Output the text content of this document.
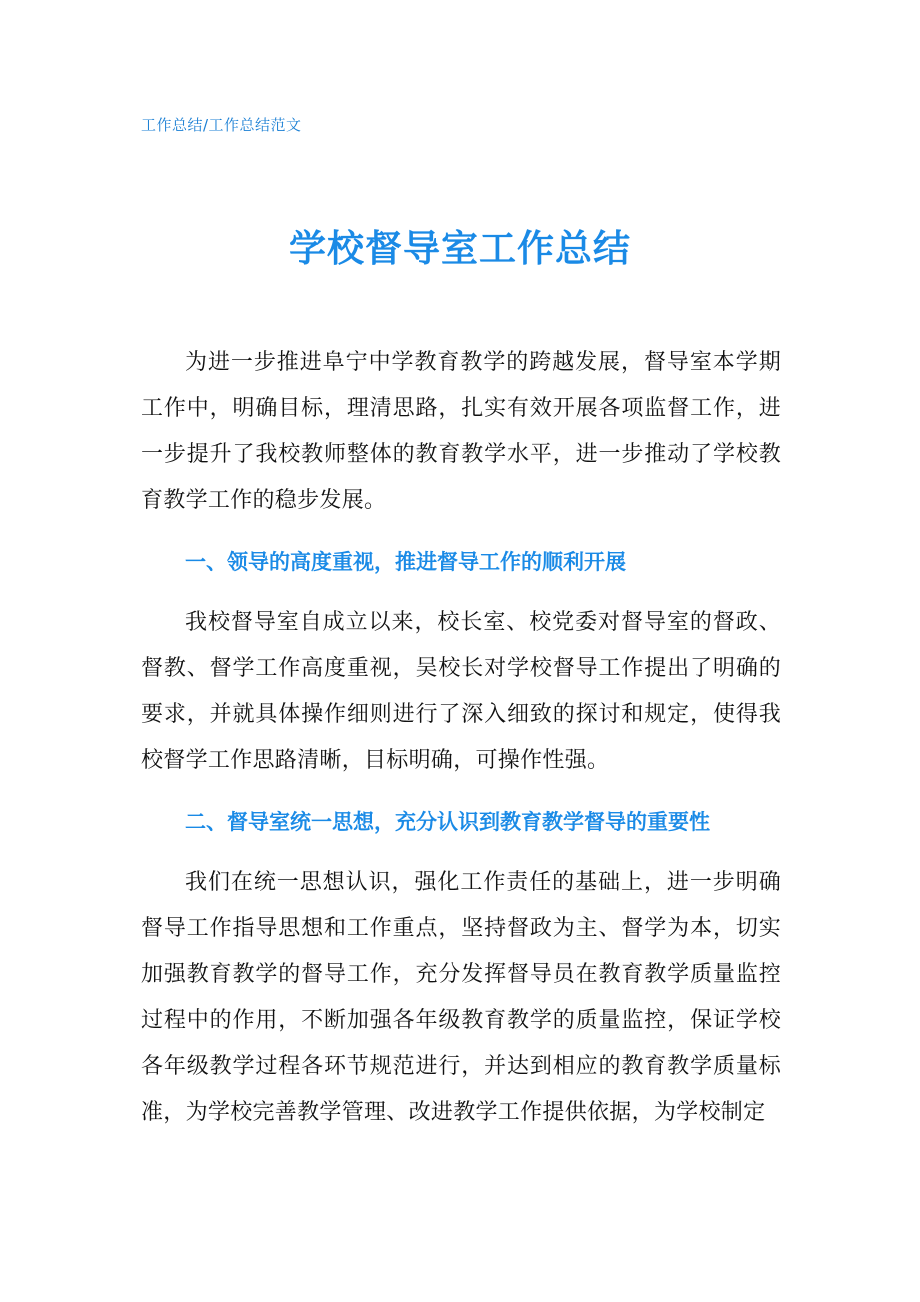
工作总结/工作总结范文
学校督导室工作总结

为进一步推进阜宁中学教育教学的跨越发展，督导室本学期工作中，明确目标，理清思路，扎实有效开展各项监督工作，进一步提升了我校教师整体的教育教学水平，进一步推动了学校教育教学工作的稳步发展。

一、领导的高度重视，推进督导工作的顺利开展

我校督导室自成立以来，校长室、校党委对督导室的督政、督教、督学工作高度重视，吴校长对学校督导工作提出了明确的要求，并就具体操作细则进行了深入细致的探讨和规定，使得我校督学工作思路清晰，目标明确，可操作性强。

二、督导室统一思想，充分认识到教育教学督导的重要性

我们在统一思想认识，强化工作责任的基础上，进一步明确督导工作指导思想和工作重点，坚持督政为主、督学为本，切实加强教育教学的督导工作，充分发挥督导员在教育教学质量监控过程中的作用，不断加强各年级教育教学的质量监控，保证学校各年级教学过程各环节规范进行，并达到相应的教育教学质量标准，为学校完善教学管理、改进教学工作提供依据，为学校制定
